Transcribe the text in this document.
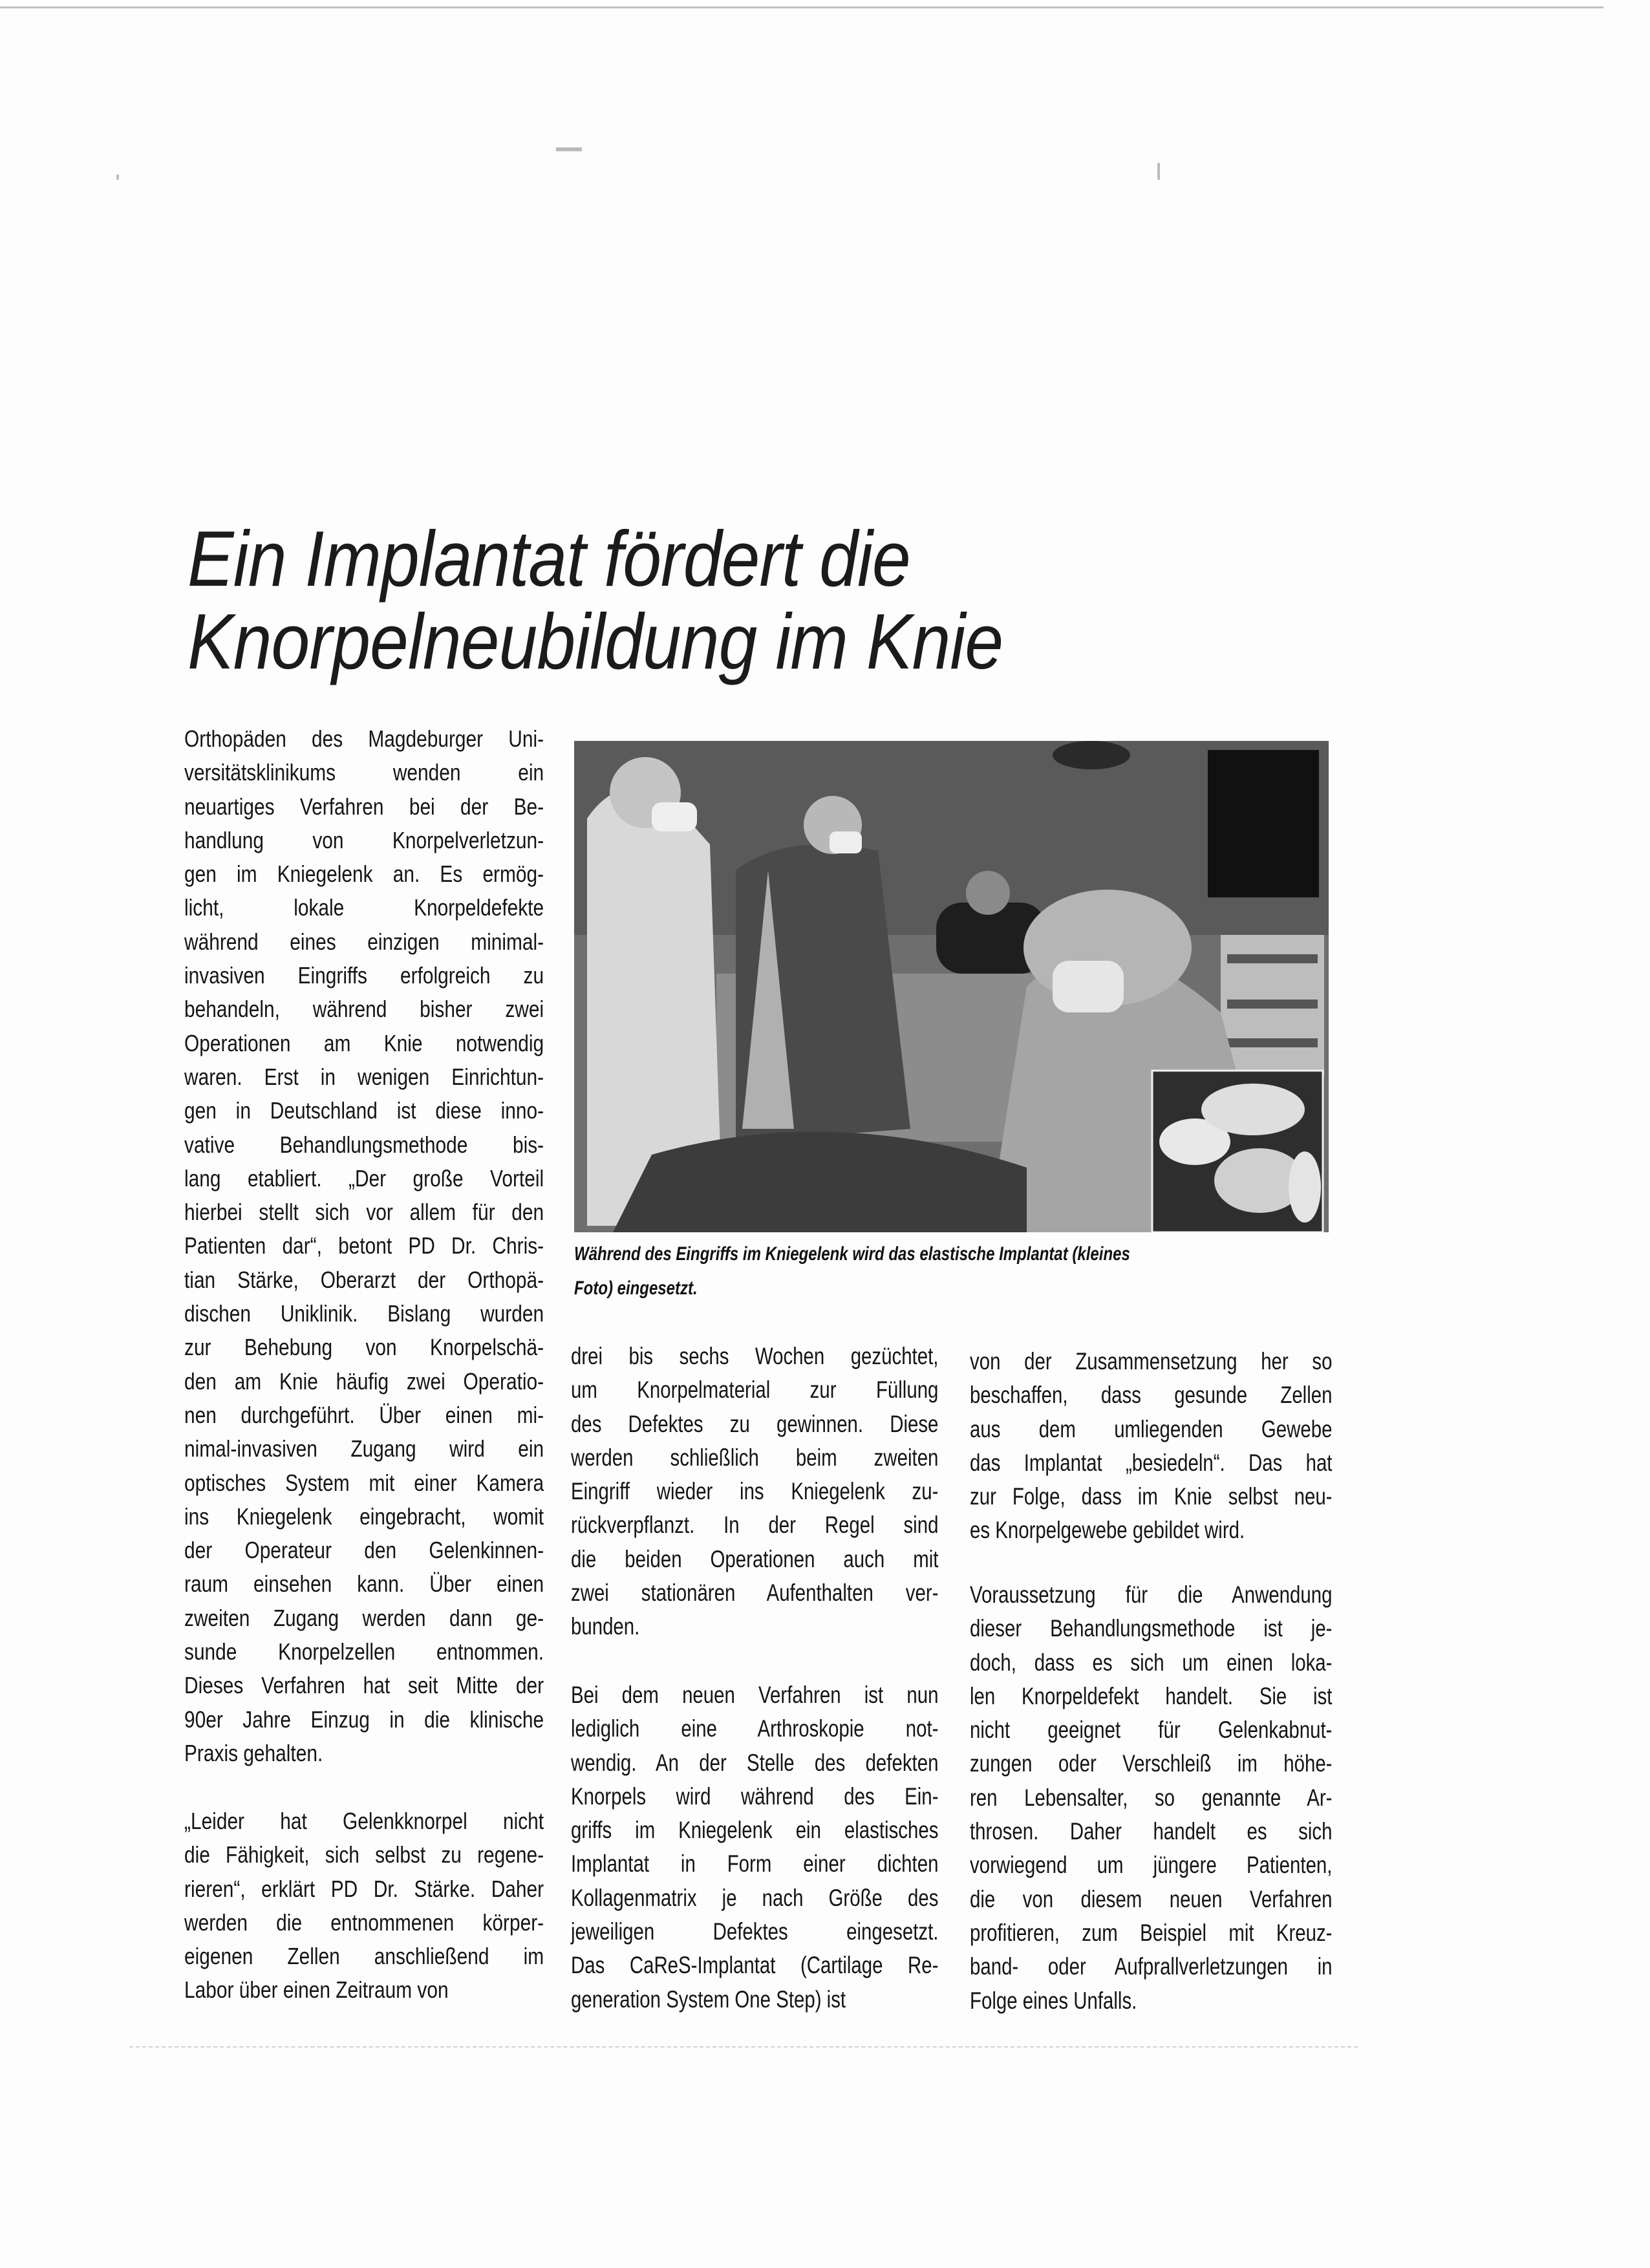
Ein Implantat fördert die
Knorpelneubildung im Knie
Orthopäden des Magdeburger Uni-
versitätsklinikums wenden ein
neuartiges Verfahren bei der Be-
handlung von Knorpelverletzun-
gen im Kniegelenk an. Es ermög-
licht, lokale Knorpeldefekte
während eines einzigen minimal-
invasiven Eingriffs erfolgreich zu
behandeln, während bisher zwei
Operationen am Knie notwendig
waren. Erst in wenigen Einrichtun-
gen in Deutschland ist diese inno-
vative Behandlungsmethode bis-
lang etabliert. „Der große Vorteil
hierbei stellt sich vor allem für den
Patienten dar“, betont PD Dr. Chris-
tian Stärke, Oberarzt der Orthopä-
dischen Uniklinik. Bislang wurden
zur Behebung von Knorpelschä-
den am Knie häufig zwei Operatio-
nen durchgeführt. Über einen mi-
nimal-invasiven Zugang wird ein
optisches System mit einer Kamera
ins Kniegelenk eingebracht, womit
der Operateur den Gelenkinnen-
raum einsehen kann. Über einen
zweiten Zugang werden dann ge-
sunde Knorpelzellen entnommen.
Dieses Verfahren hat seit Mitte der
90er Jahre Einzug in die klinische
Praxis gehalten.
„Leider hat Gelenkknorpel nicht
die Fähigkeit, sich selbst zu regene-
rieren“, erklärt PD Dr. Stärke. Daher
werden die entnommenen körper-
eigenen Zellen anschließend im
Labor über einen Zeitraum von
drei bis sechs Wochen gezüchtet,
um Knorpelmaterial zur Füllung
des Defektes zu gewinnen. Diese
werden schließlich beim zweiten
Eingriff wieder ins Kniegelenk zu-
rückverpflanzt. In der Regel sind
die beiden Operationen auch mit
zwei stationären Aufenthalten ver-
bunden.
Bei dem neuen Verfahren ist nun
lediglich eine Arthroskopie not-
wendig. An der Stelle des defekten
Knorpels wird während des Ein-
griffs im Kniegelenk ein elastisches
Implantat in Form einer dichten
Kollagenmatrix je nach Größe des
jeweiligen Defektes eingesetzt.
Das CaReS-Implantat (Cartilage Re-
generation System One Step) ist
von der Zusammensetzung her so
beschaffen, dass gesunde Zellen
aus dem umliegenden Gewebe
das Implantat „besiedeln“. Das hat
zur Folge, dass im Knie selbst neu-
es Knorpelgewebe gebildet wird.
Voraussetzung für die Anwendung
dieser Behandlungsmethode ist je-
doch, dass es sich um einen loka-
len Knorpeldefekt handelt. Sie ist
nicht geeignet für Gelenkabnut-
zungen oder Verschleiß im höhe-
ren Lebensalter, so genannte Ar-
throsen. Daher handelt es sich
vorwiegend um jüngere Patienten,
die von diesem neuen Verfahren
profitieren, zum Beispiel mit Kreuz-
band- oder Aufprallverletzungen in
Folge eines Unfalls.
Während des Eingriffs im Kniegelenk wird das elastische Implantat (kleines
Foto) eingesetzt.
